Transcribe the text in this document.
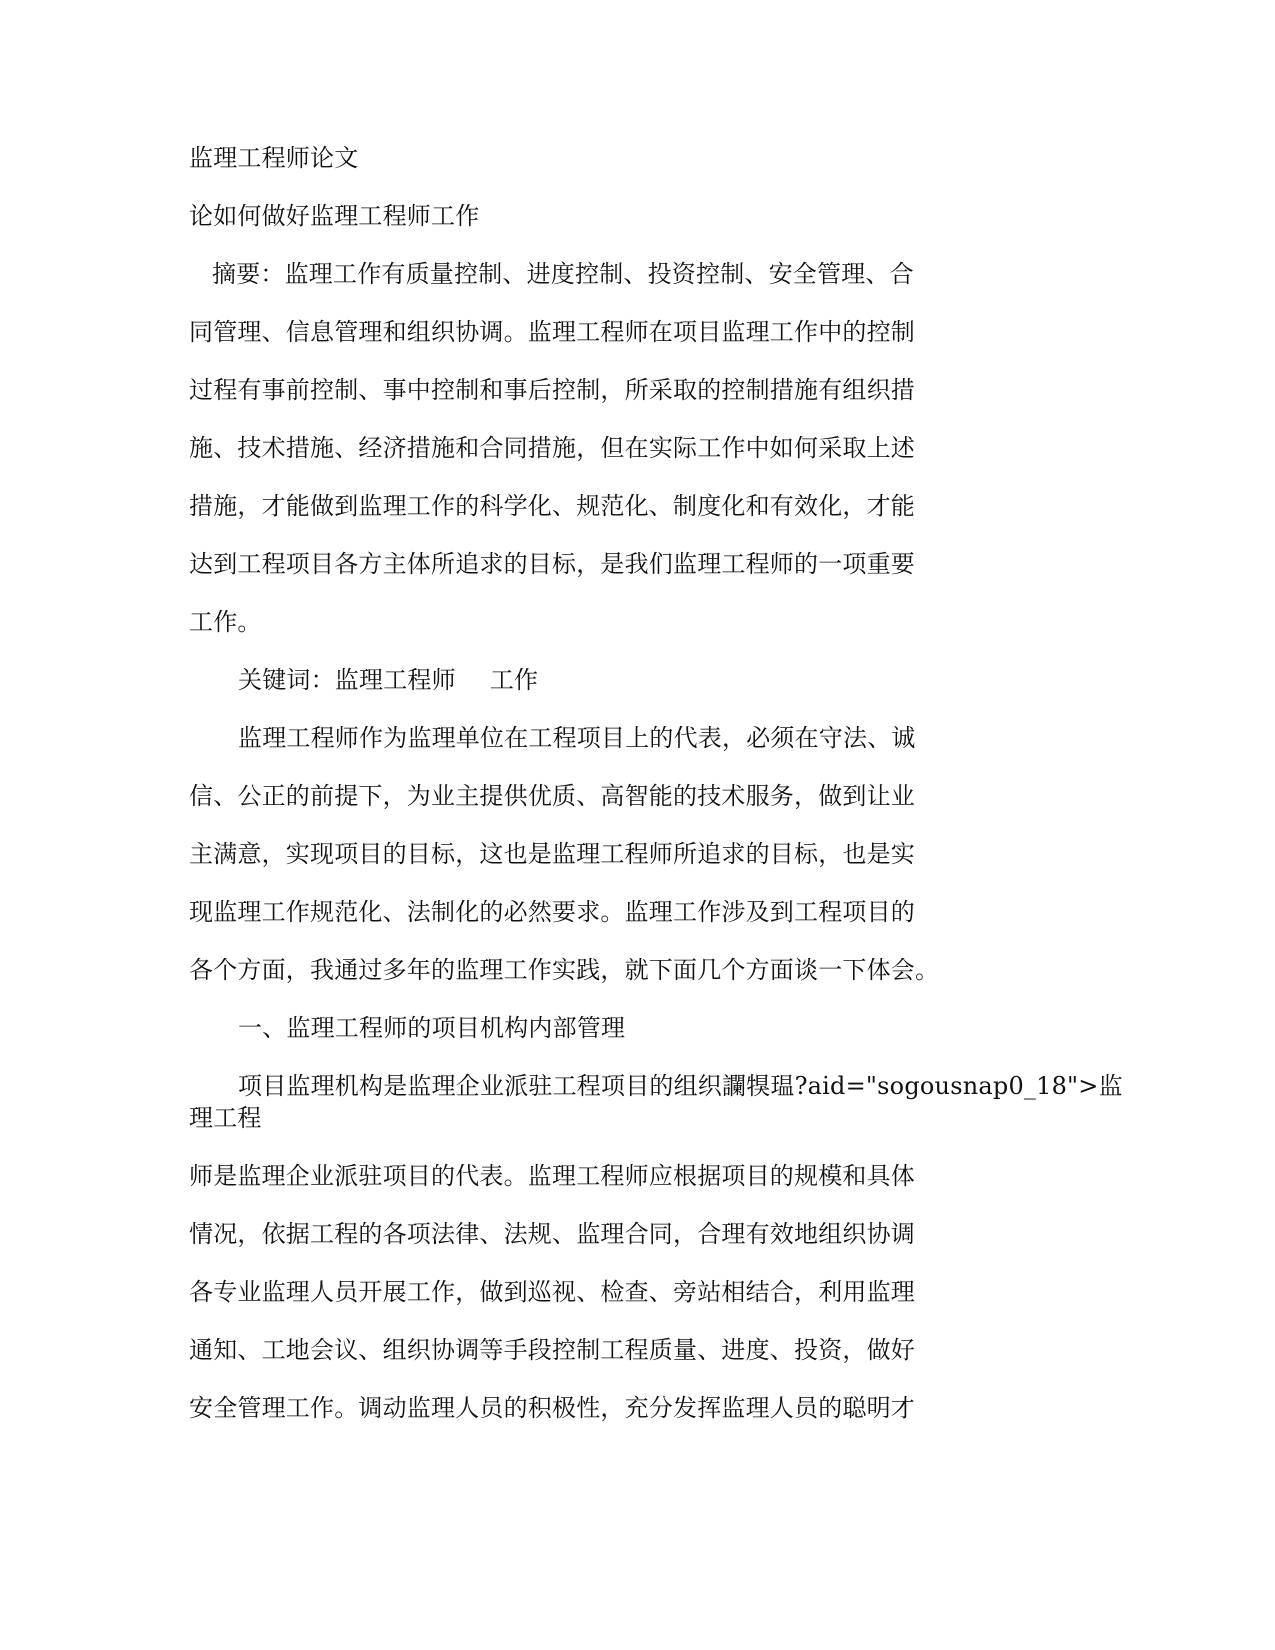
监理工程师论文
论如何做好监理工程师工作
摘要：监理工作有质量控制、进度控制、投资控制、安全管理、合
同管理、信息管理和组织协调。监理工程师在项目监理工作中的控制
过程有事前控制、事中控制和事后控制，所采取的控制措施有组织措
施、技术措施、经济措施和合同措施，但在实际工作中如何采取上述
措施，才能做到监理工作的科学化、规范化、制度化和有效化，才能
达到工程项目各方主体所追求的目标，是我们监理工程师的一项重要
工作。
关键词：监理工程师 工作
监理工程师作为监理单位在工程项目上的代表，必须在守法、诚
信、公正的前提下，为业主提供优质、高智能的技术服务，做到让业
主满意，实现项目的目标，这也是监理工程师所追求的目标，也是实
现监理工作规范化、法制化的必然要求。监理工作涉及到工程项目的
各个方面，我通过多年的监理工作实践，就下面几个方面谈一下体会。
一、监理工程师的项目机构内部管理
项目监理机构是监理企业派驻工程项目的组织讕犑瑥?aid="sogousnap0_18">监
理工程
师是监理企业派驻项目的代表。监理工程师应根据项目的规模和具体
情况，依据工程的各项法律、法规、监理合同，合理有效地组织协调
各专业监理人员开展工作，做到巡视、检查、旁站相结合，利用监理
通知、工地会议、组织协调等手段控制工程质量、进度、投资，做好
安全管理工作。调动监理人员的积极性，充分发挥监理人员的聪明才
